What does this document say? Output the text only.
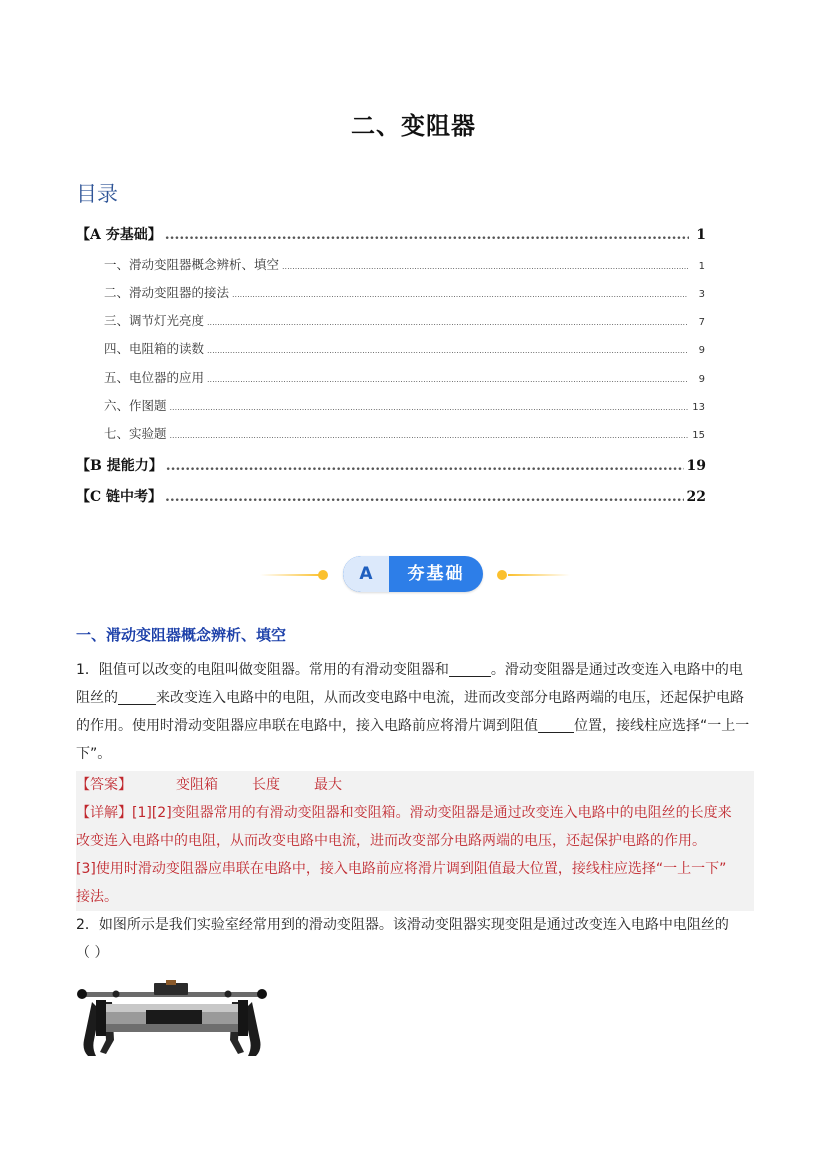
二、变阻器
目录
【A 夯基础】 .....	1
一、滑动变阻器概念辨析、填空 .....	1
二、滑动变阻器的接法 .....	3
三、调节灯光亮度 .....	7
四、电阻箱的读数 .....	9
五、电位器的应用 .....	9
六、作图题 .....	13
七、实验题 .....	15
【B 提能力】 .....	19
【C 链中考】 .....	22
A	夯基础
一、滑动变阻器概念辨析、填空
1．阻值可以改变的电阻叫做变阻器。常用的有滑动变阻器和	。滑动变阻器是通过改变连入电路中的电阻丝的	来改变连入电路中的电阻，从而改变电路中电流，进而改变部分电路两端的电压，还起保护电路的作用。使用时滑动变阻器应串联在电路中，接入电路前应将滑片调到阻值	位置，接线柱应选择“一上一下”。
【答案】	变阻箱 长度 最大
【详解】[1][2]变阻器常用的有滑动变阻器和变阻箱。滑动变阻器是通过改变连入电路中的电阻丝的长度来
改变连入电路中的电阻，从而改变电路中电流，进而改变部分电路两端的电压，还起保护电路的作用。
[3]使用时滑动变阻器应串联在电路中，接入电路前应将滑片调到阻值最大位置，接线柱应选择“一上一下”
接法。
2．如图所示是我们实验室经常用到的滑动变阻器。该滑动变阻器实现变阻是通过改变连入电路中电阻丝的
（ ）
